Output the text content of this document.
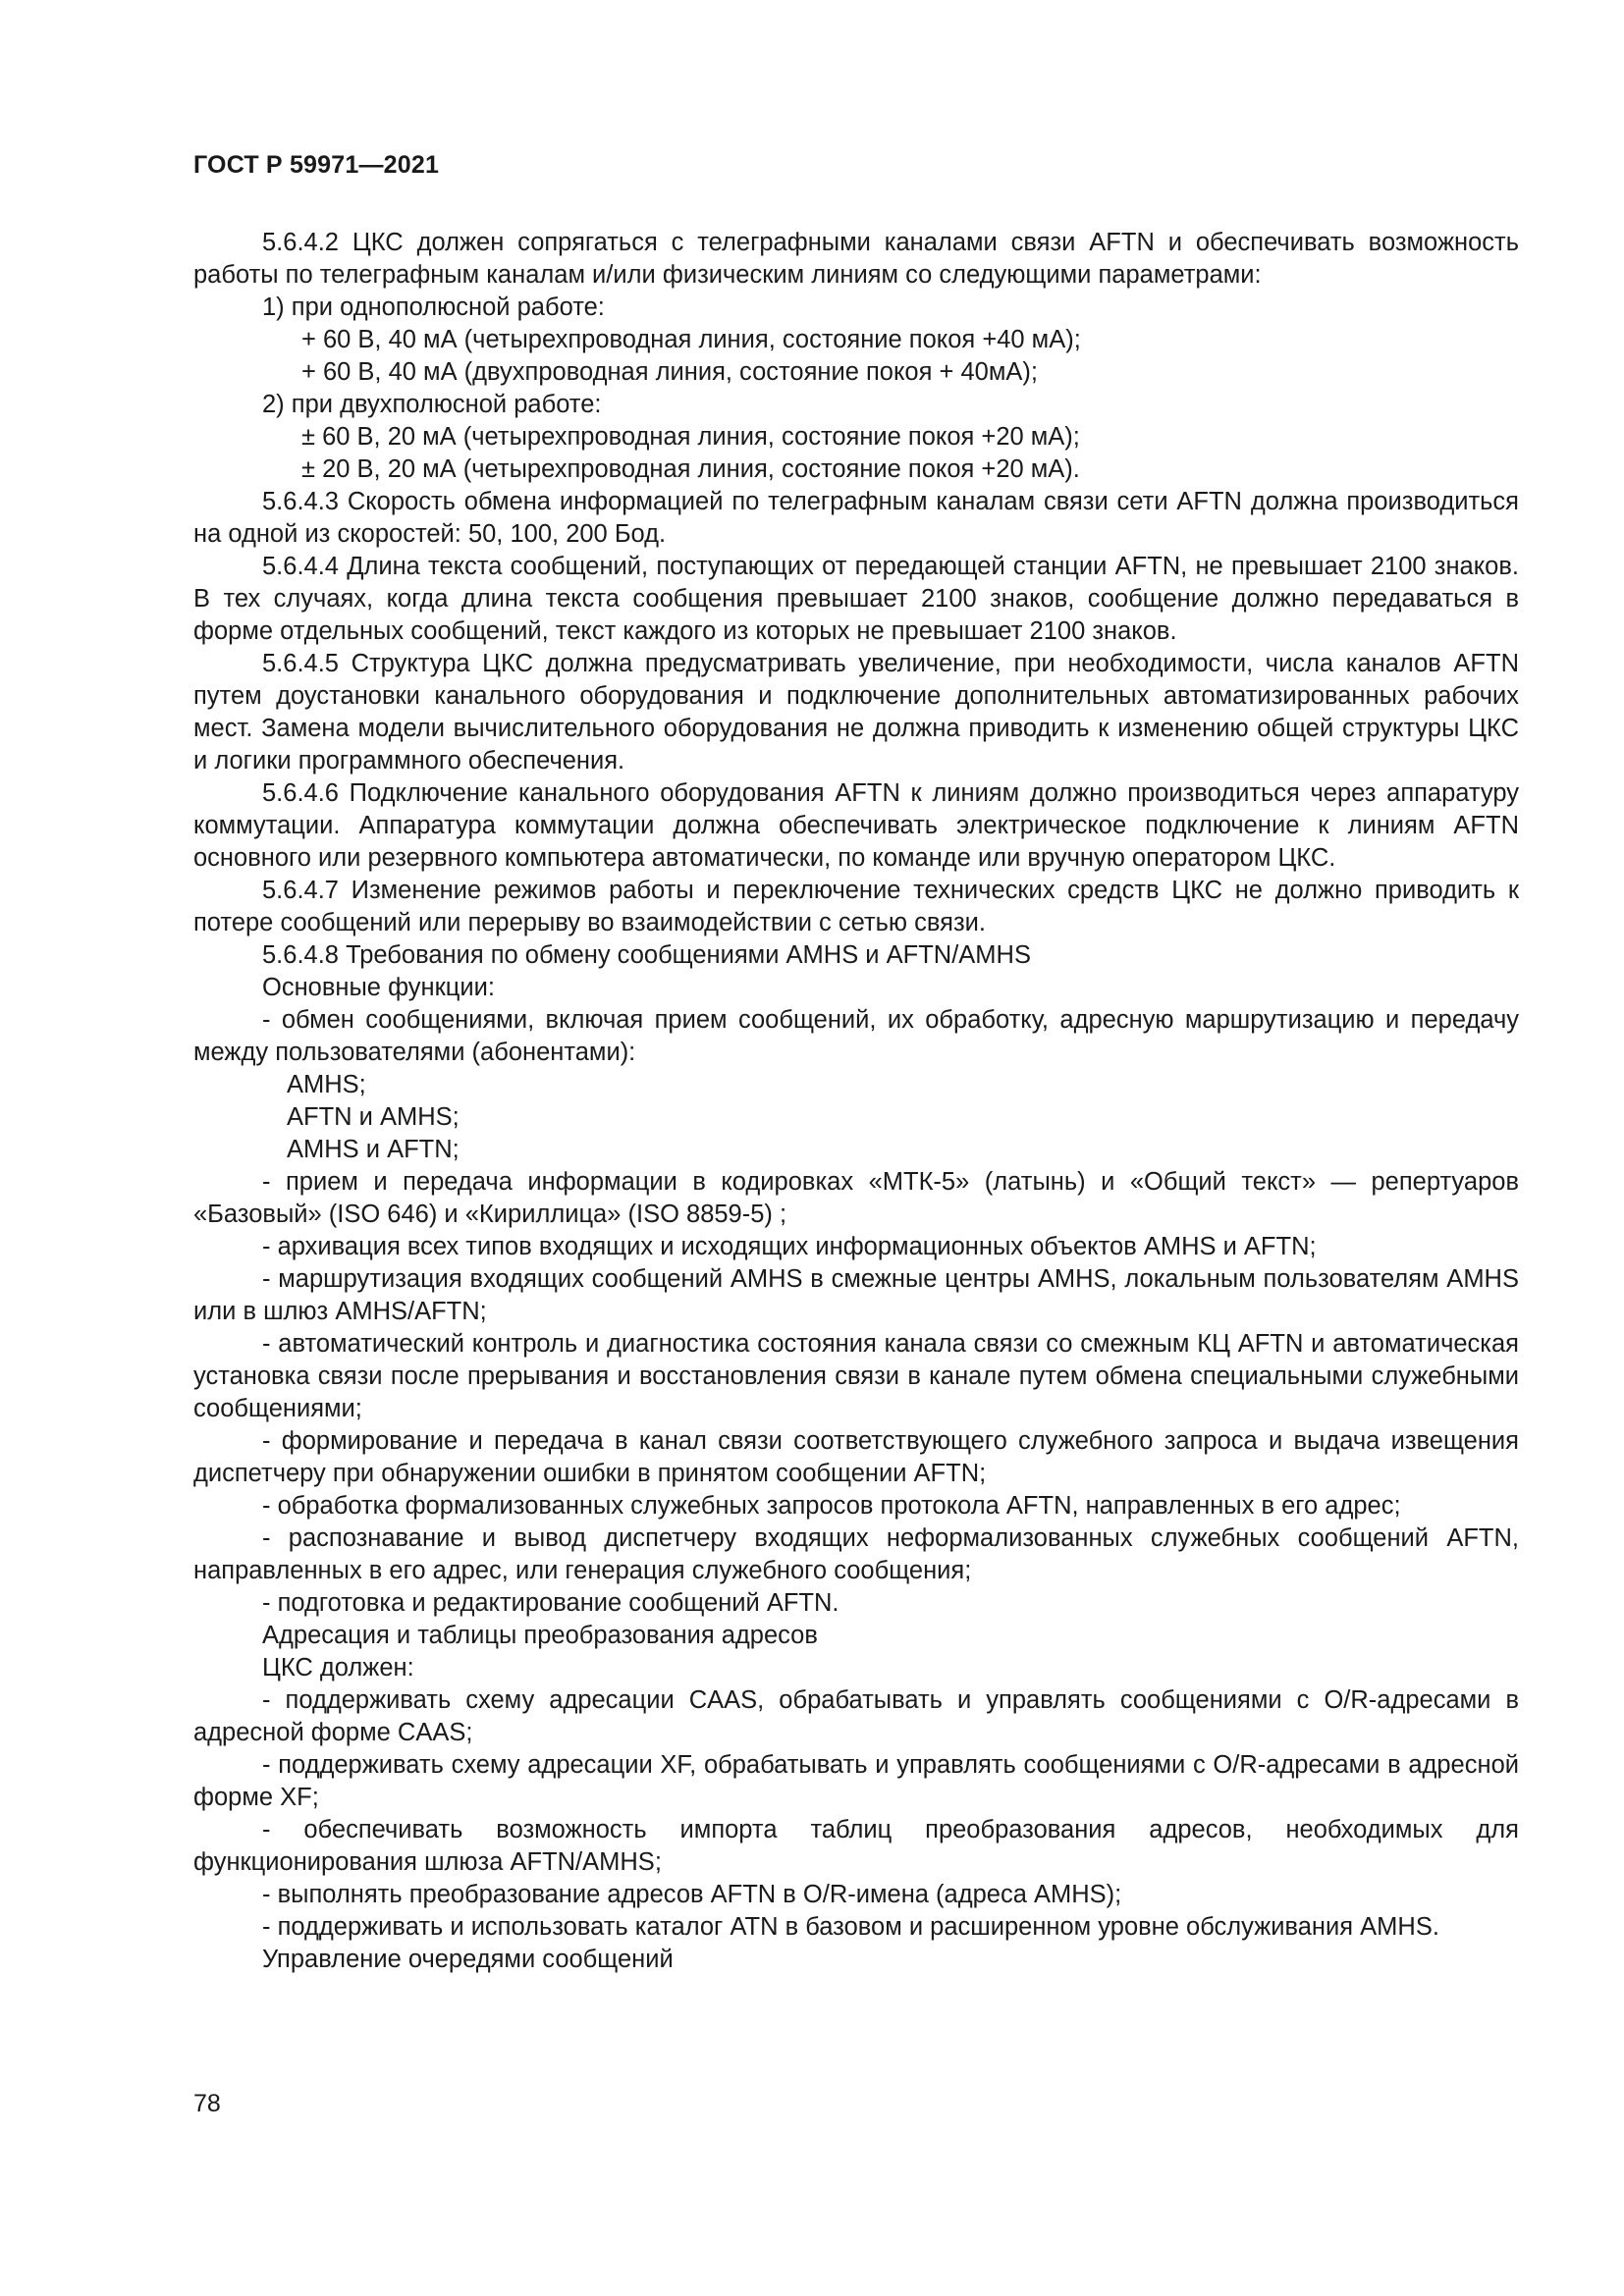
ГОСТ Р 59971—2021

5.6.4.2 ЦКС должен сопрягаться с телеграфными каналами связи AFTN и обеспечивать возможность работы по телеграфным каналам и/или физическим линиям со следующими параметрами:

1) при однополюсной работе:

+ 60 В, 40 мА (четырехпроводная линия, состояние покоя +40 мА);

+ 60 В, 40 мА (двухпроводная линия, состояние покоя + 40мА);

2) при двухполюсной работе:

± 60 В, 20 мА (четырехпроводная линия, состояние покоя +20 мА);

± 20 В, 20 мА (четырехпроводная линия, состояние покоя +20 мА).

5.6.4.3 Скорость обмена информацией по телеграфным каналам связи сети AFTN должна производиться на одной из скоростей: 50, 100, 200 Бод.

5.6.4.4 Длина текста сообщений, поступающих от передающей станции AFTN, не превышает 2100 знаков. В тех случаях, когда длина текста сообщения превышает 2100 знаков, сообщение должно передаваться в форме отдельных сообщений, текст каждого из которых не превышает 2100 знаков.

5.6.4.5 Структура ЦКС должна предусматривать увеличение, при необходимости, числа каналов AFTN путем доустановки канального оборудования и подключение дополнительных автоматизированных рабочих мест. Замена модели вычислительного оборудования не должна приводить к изменению общей структуры ЦКС и логики программного обеспечения.

5.6.4.6 Подключение канального оборудования AFTN к линиям должно производиться через аппаратуру коммутации. Аппаратура коммутации должна обеспечивать электрическое подключение к линиям AFTN основного или резервного компьютера автоматически, по команде или вручную оператором ЦКС.

5.6.4.7 Изменение режимов работы и переключение технических средств ЦКС не должно приводить к потере сообщений или перерыву во взаимодействии с сетью связи.

5.6.4.8 Требования по обмену сообщениями AMHS и AFTN/AMHS

Основные функции:

- обмен сообщениями, включая прием сообщений, их обработку, адресную маршрутизацию и передачу между пользователями (абонентами):

AMHS;

AFTN и AMHS;

AMHS и AFTN;

- прием и передача информации в кодировках «МТК-5» (латынь) и «Общий текст» — репертуаров «Базовый» (ISO 646) и «Кириллица» (ISO 8859-5) ;

- архивация всех типов входящих и исходящих информационных объектов AMHS и AFTN;

- маршрутизация входящих сообщений AMHS в смежные центры AMHS, локальным пользователям AMHS или в шлюз AMHS/AFTN;

- автоматический контроль и диагностика состояния канала связи со смежным КЦ AFTN и автоматическая установка связи после прерывания и восстановления связи в канале путем обмена специальными служебными сообщениями;

- формирование и передача в канал связи соответствующего служебного запроса и выдача извещения диспетчеру при обнаружении ошибки в принятом сообщении AFTN;

- обработка формализованных служебных запросов протокола AFTN, направленных в его адрес;

- распознавание и вывод диспетчеру входящих неформализованных служебных сообщений AFTN, направленных в его адрес, или генерация служебного сообщения;

- подготовка и редактирование сообщений AFTN.

Адресация и таблицы преобразования адресов

ЦКС должен:

- поддерживать схему адресации CAAS, обрабатывать и управлять сообщениями с O/R-адресами в адресной форме CAAS;

- поддерживать схему адресации XF, обрабатывать и управлять сообщениями с O/R-адресами в адресной форме XF;

- обеспечивать возможность импорта таблиц преобразования адресов, необходимых для функционирования шлюза AFTN/AMHS;

- выполнять преобразование адресов AFTN в O/R-имена (адреса AMHS);

- поддерживать и использовать каталог ATN в базовом и расширенном уровне обслуживания AMHS.

Управление очередями сообщений

78
